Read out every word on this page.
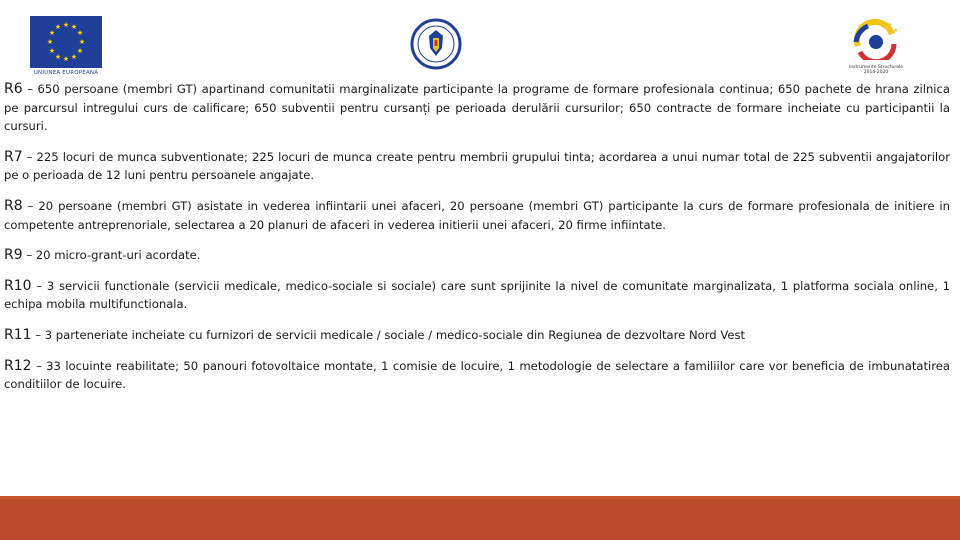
★ ★
★
★
★
★
★
★
★
★
★
★
UNIUNEA EUROPEANĂ
★
★
★
Instrumente Structurale
2014-2020

R6 – 650 persoane (membri GT) apartinand comunitatii marginalizate participante la programe de formare profesionala continua; 650 pachete de hrana zilnica pe parcursul intregului curs de calificare; 650 subventii pentru cursanți pe perioada derulării cursurilor; 650 contracte de formare incheiate cu participantii la cursuri.

R7 – 225 locuri de munca subventionate; 225 locuri de munca create pentru membrii grupului tinta; acordarea a unui numar total de 225 subventii angajatorilor pe o perioada de 12 luni pentru persoanele angajate.

R8 – 20 persoane (membri GT) asistate in vederea infiintarii unei afaceri, 20 persoane (membri GT) participante la curs de formare profesionala de initiere in competente antreprenoriale, selectarea a 20 planuri de afaceri in vederea initierii unei afaceri, 20 firme infiintate.

R9 – 20 micro-grant-uri acordate.

R10 – 3 servicii functionale (servicii medicale, medico-sociale si sociale) care sunt sprijinite la nivel de comunitate marginalizata, 1 platforma sociala online, 1 echipa mobila multifunctionala.

R11 – 3 parteneriate incheiate cu furnizori de servicii medicale / sociale / medico-sociale din Regiunea de dezvoltare Nord Vest

R12 – 33 locuinte reabilitate; 50 panouri fotovoltaice montate, 1 comisie de locuire, 1 metodologie de selectare a familiilor care vor beneficia de imbunatatirea conditiilor de locuire.
